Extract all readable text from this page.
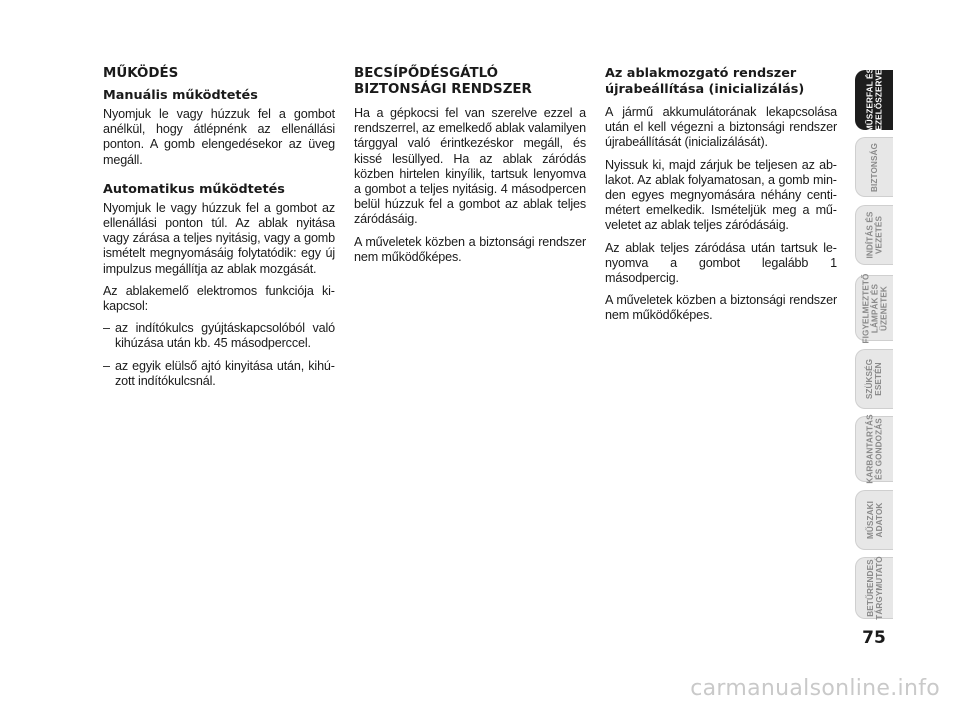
MŰKÖDÉS
Manuális működtetés

Nyomjuk le vagy húzzuk fel a gombot anélkül, hogy átlépnénk az ellenállási ponton. A gomb elengedésekor az üveg megáll.

Automatikus működtetés

Nyomjuk le vagy húzzuk fel a gombot az ellenállási ponton túl. Az ablak nyitása vagy zárása a teljes nyitásig, vagy a gomb ismételt megnyomásáig folytatódik: egy új impulzus megállítja az ablak mozgását.

Az ablakemelő elektromos funkciója kikapcsol:

– az indítókulcs gyújtáskapcsolóból való kihúzása után kb. 45 másodperccel.
– az egyik elülső ajtó kinyitása után, kihúzott indítókulcsnál.
BECSÍPŐDÉSGÁTLÓ
BIZTONSÁGI RENDSZER

Ha a gépkocsi fel van szerelve ezzel a rendszerrel, az emelkedő ablak valamilyen tárggyal való érintkezéskor megáll, és kissé lesüllyed. Ha az ablak záródás közben hirtelen kinyílik, tartsuk lenyomva a gombot a teljes nyitásig. 4 másodpercen belül húzzuk fel a gombot az ablak teljes záródásáig.

A műveletek közben a biztonsági rendszer nem működőképes.

Az ablakmozgató rendszer
újrabeállítása (inicializálás)

A jármű akkumulátorának lekapcsolása után el kell végezni a biztonsági rendszer újrabeállítását (inicializálását).

Nyissuk ki, majd zárjuk be teljesen az ablakot. Az ablak folyamatosan, a gomb minden egyes megnyomására néhány centimétert emelkedik. Ismételjük meg a műveletet az ablak teljes záródásáig.

Az ablak teljes záródása után tartsuk lenyomva a gombot legalább 1 másodpercig.

A műveletek közben a biztonsági rendszer nem működőképes.

MŰSZERFAL ÉS
KEZELŐSZERVEK
BIZTONSÁG
INDÍTÁS ÉS
VEZETÉS
FIGYELMEZTETŐ
LÁMPÁK ÉS
ÜZENETEK
SZÜKSÉG
ESETÉN
KARBANTARTÁS
ÉS GONDOZÁS
MŰSZAKI
ADATOK
BETŰRENDES
TÁRGYMUTATÓ
75
carmanualsonline.info
